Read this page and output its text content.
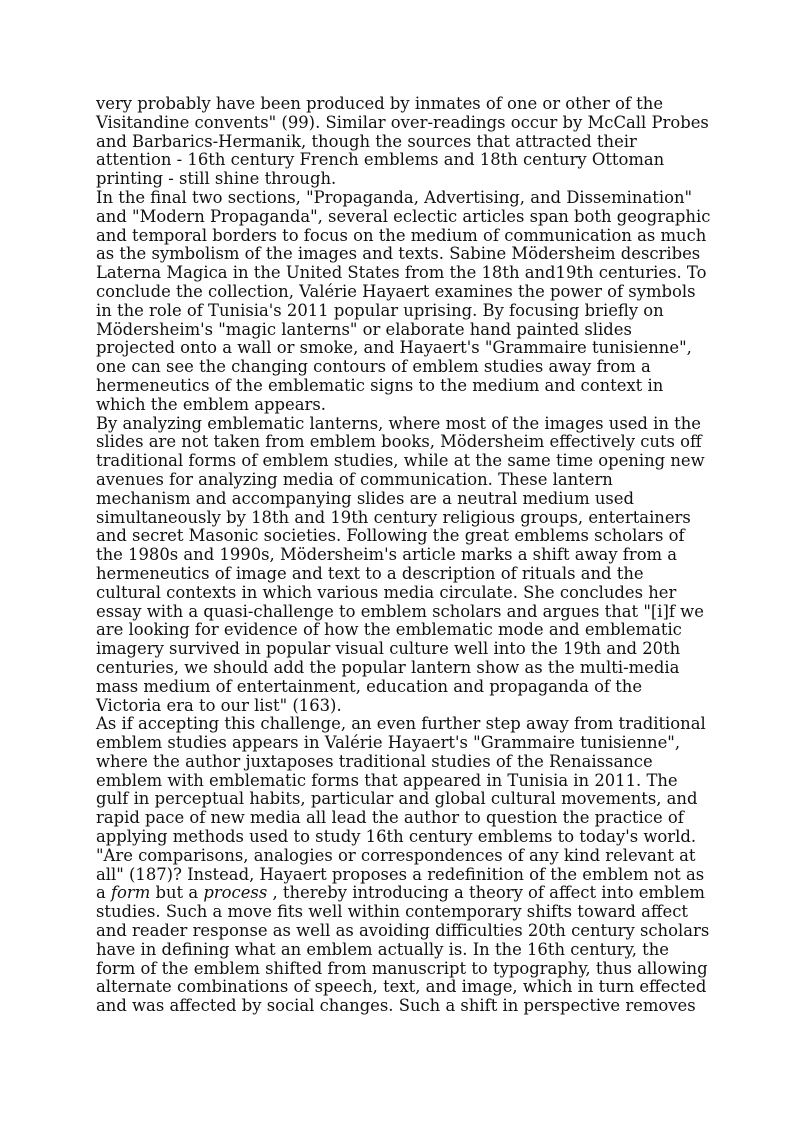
very probably have been produced by inmates of one or other of the
Visitandine convents" (99). Similar over-readings occur by McCall Probes
and Barbarics-Hermanik, though the sources that attracted their
attention - 16th century French emblems and 18th century Ottoman
printing - still shine through.
In the final two sections, "Propaganda, Advertising, and Dissemination"
and "Modern Propaganda", several eclectic articles span both geographic
and temporal borders to focus on the medium of communication as much
as the symbolism of the images and texts. Sabine Mödersheim describes
Laterna Magica in the United States from the 18th and19th centuries. To
conclude the collection, Valérie Hayaert examines the power of symbols
in the role of Tunisia's 2011 popular uprising. By focusing briefly on
Mödersheim's "magic lanterns" or elaborate hand painted slides
projected onto a wall or smoke, and Hayaert's "Grammaire tunisienne",
one can see the changing contours of emblem studies away from a
hermeneutics of the emblematic signs to the medium and context in
which the emblem appears.
By analyzing emblematic lanterns, where most of the images used in the
slides are not taken from emblem books, Mödersheim effectively cuts off
traditional forms of emblem studies, while at the same time opening new
avenues for analyzing media of communication. These lantern
mechanism and accompanying slides are a neutral medium used
simultaneously by 18th and 19th century religious groups, entertainers
and secret Masonic societies. Following the great emblems scholars of
the 1980s and 1990s, Mödersheim's article marks a shift away from a
hermeneutics of image and text to a description of rituals and the
cultural contexts in which various media circulate. She concludes her
essay with a quasi-challenge to emblem scholars and argues that "[i]f we
are looking for evidence of how the emblematic mode and emblematic
imagery survived in popular visual culture well into the 19th and 20th
centuries, we should add the popular lantern show as the multi-media
mass medium of entertainment, education and propaganda of the
Victoria era to our list" (163).
As if accepting this challenge, an even further step away from traditional
emblem studies appears in Valérie Hayaert's "Grammaire tunisienne",
where the author juxtaposes traditional studies of the Renaissance
emblem with emblematic forms that appeared in Tunisia in 2011. The
gulf in perceptual habits, particular and global cultural movements, and
rapid pace of new media all lead the author to question the practice of
applying methods used to study 16th century emblems to today's world.
"Are comparisons, analogies or correspondences of any kind relevant at
all" (187)? Instead, Hayaert proposes a redefinition of the emblem not as
a form but a process , thereby introducing a theory of affect into emblem
studies. Such a move fits well within contemporary shifts toward affect
and reader response as well as avoiding difficulties 20th century scholars
have in defining what an emblem actually is. In the 16th century, the
form of the emblem shifted from manuscript to typography, thus allowing
alternate combinations of speech, text, and image, which in turn effected
and was affected by social changes. Such a shift in perspective removes
